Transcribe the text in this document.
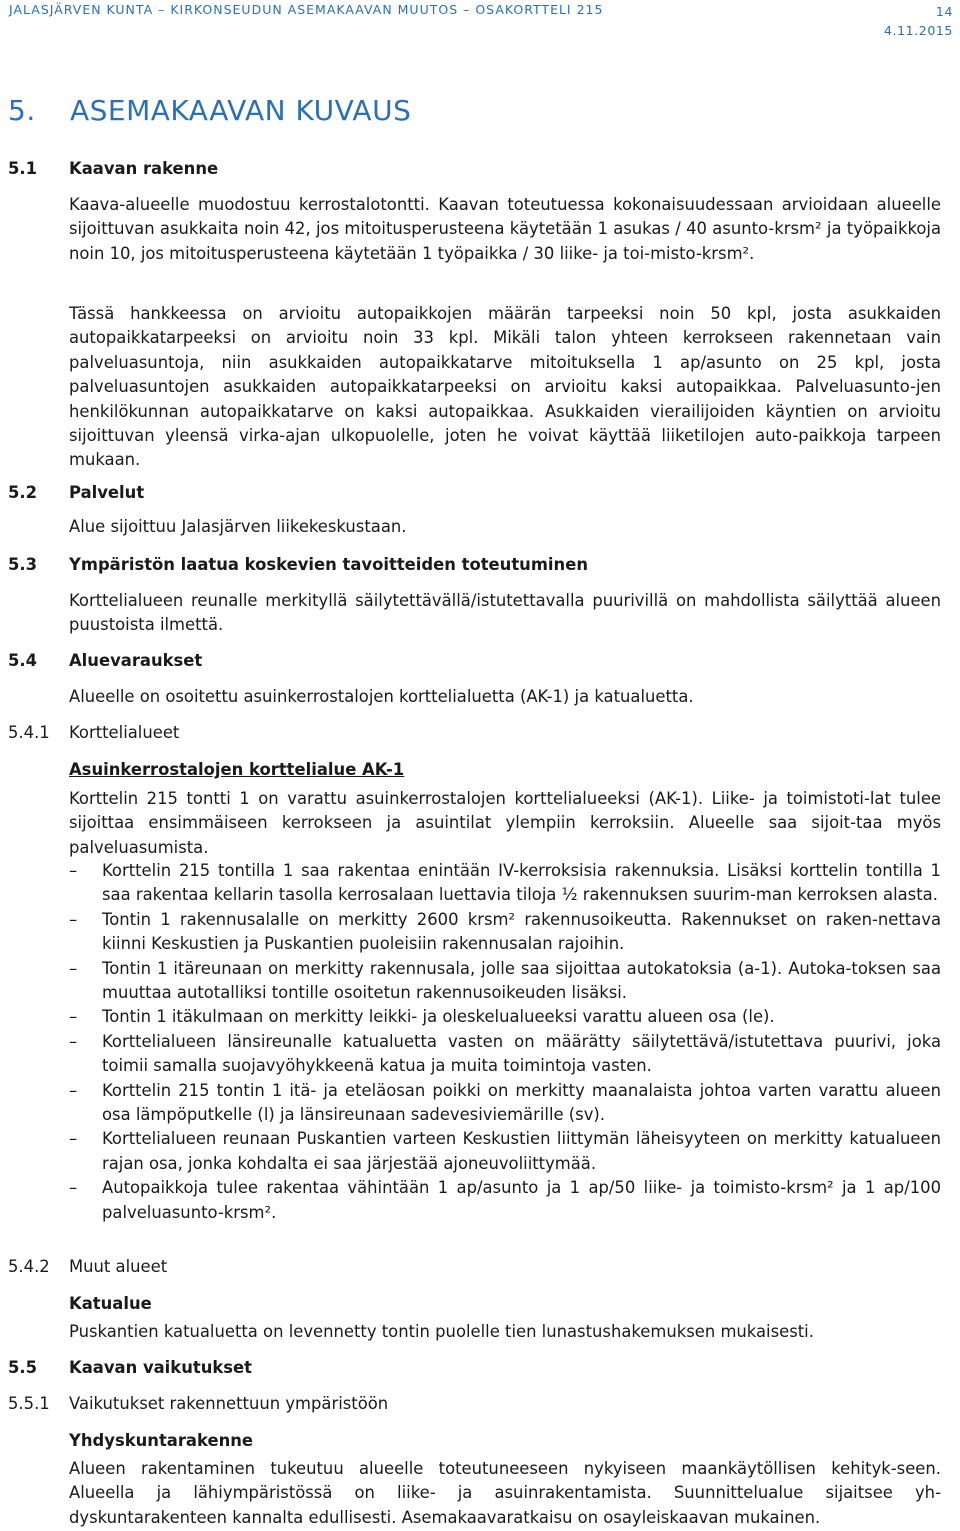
JALASJÄRVEN KUNTA – KIRKONSEUDUN ASEMAKAAVAN MUUTOS – OSAKORTTELI 215	14
4.11.2015
5. ASEMAKAAVAN KUVAUS
5.1 Kaavan rakenne

Kaava-alueelle muodostuu kerrostalotontti. Kaavan toteutuessa kokonaisuudessaan arvioidaan alueelle sijoittuvan asukkaita noin 42, jos mitoitusperusteena käytetään 1 asukas / 40 asunto-krsm² ja työpaikkoja noin 10, jos mitoitusperusteena käytetään 1 työpaikka / 30 liike- ja toi-misto-krsm².

Tässä hankkeessa on arvioitu autopaikkojen määrän tarpeeksi noin 50 kpl, josta asukkaiden autopaikkatarpeeksi on arvioitu noin 33 kpl. Mikäli talon yhteen kerrokseen rakennetaan vain palveluasuntoja, niin asukkaiden autopaikkatarve mitoituksella 1 ap/asunto on 25 kpl, josta palveluasuntojen asukkaiden autopaikkatarpeeksi on arvioitu kaksi autopaikkaa. Palveluasunto-jen henkilökunnan autopaikkatarve on kaksi autopaikkaa. Asukkaiden vierailijoiden käyntien on arvioitu sijoittuvan yleensä virka-ajan ulkopuolelle, joten he voivat käyttää liiketilojen auto-paikkoja tarpeen mukaan.

5.2 Palvelut

Alue sijoittuu Jalasjärven liikekeskustaan.

5.3 Ympäristön laatua koskevien tavoitteiden toteutuminen

Korttelialueen reunalle merkityllä säilytettävällä/istutettavalla puurivillä on mahdollista säilyttää alueen puustoista ilmettä.

5.4 Aluevaraukset

Alueelle on osoitettu asuinkerrostalojen korttelialuetta (AK-1) ja katualuetta.

5.4.1 Korttelialueet
Asuinkerrostalojen korttelialue AK-1

Korttelin 215 tontti 1 on varattu asuinkerrostalojen korttelialueeksi (AK-1). Liike- ja toimistoti-lat tulee sijoittaa ensimmäiseen kerrokseen ja asuintilat ylempiin kerroksiin. Alueelle saa sijoit-taa myös palveluasumista.

–	Korttelin 215 tontilla 1 saa rakentaa enintään IV-kerroksisia rakennuksia. Lisäksi korttelin tontilla 1 saa rakentaa kellarin tasolla kerrosalaan luettavia tiloja ½ rakennuksen suurim-man kerroksen alasta.
–	Tontin 1 rakennusalalle on merkitty 2600 krsm² rakennusoikeutta. Rakennukset on raken-nettava kiinni Keskustien ja Puskantien puoleisiin rakennusalan rajoihin.
–	Tontin 1 itäreunaan on merkitty rakennusala, jolle saa sijoittaa autokatoksia (a-1). Autoka-toksen saa muuttaa autotalliksi tontille osoitetun rakennusoikeuden lisäksi.
–	Tontin 1 itäkulmaan on merkitty leikki- ja oleskelualueeksi varattu alueen osa (le).
–	Korttelialueen länsireunalle katualuetta vasten on määrätty säilytettävä/istutettava puurivi, joka toimii samalla suojavyöhykkeenä katua ja muita toimintoja vasten.
–	Korttelin 215 tontin 1 itä- ja eteläosan poikki on merkitty maanalaista johtoa varten varattu alueen osa lämpöputkelle (l) ja länsireunaan sadevesiviemärille (sv).
–	Korttelialueen reunaan Puskantien varteen Keskustien liittymän läheisyyteen on merkitty katualueen rajan osa, jonka kohdalta ei saa järjestää ajoneuvoliittymää.
–	Autopaikkoja tulee rakentaa vähintään 1 ap/asunto ja 1 ap/50 liike- ja toimisto-krsm² ja 1 ap/100 palveluasunto-krsm².
5.4.2 Muut alueet
Katualue

Puskantien katualuetta on levennetty tontin puolelle tien lunastushakemuksen mukaisesti.

5.5 Kaavan vaikutukset
5.5.1 Vaikutukset rakennettuun ympäristöön
Yhdyskuntarakenne

Alueen rakentaminen tukeutuu alueelle toteutuneeseen nykyiseen maankäytöllisen kehityk-seen. Alueella ja lähiympäristössä on liike- ja asuinrakentamista. Suunnittelualue sijaitsee yh-dyskuntarakenteen kannalta edullisesti. Asemakaavaratkaisu on osayleiskaavan mukainen.
